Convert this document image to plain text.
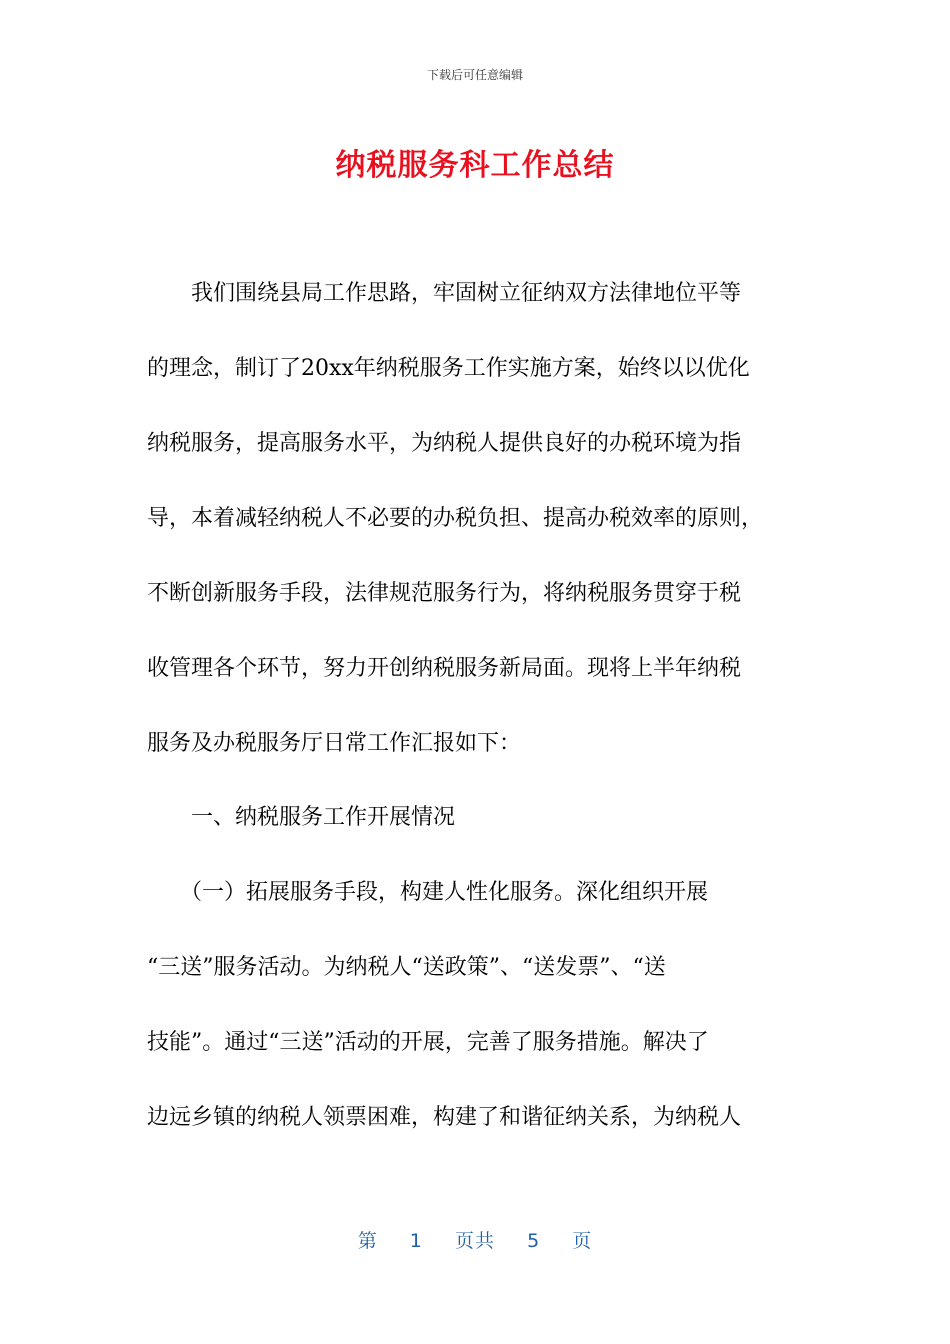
下载后可任意编辑
纳税服务科工作总结
　　我们围绕县局工作思路，牢固树立征纳双方法律地位平等
的理念，制订了20xx年纳税服务工作实施方案，始终以以优化
纳税服务，提高服务水平，为纳税人提供良好的办税环境为指
导，本着减轻纳税人不必要的办税负担、提高办税效率的原则，
不断创新服务手段，法律规范服务行为，将纳税服务贯穿于税
收管理各个环节，努力开创纳税服务新局面。现将上半年纳税
服务及办税服务厅日常工作汇报如下：
　　一、纳税服务工作开展情况
　　（一）拓展服务手段，构建人性化服务。深化组织开展
“三送”服务活动。为纳税人“送政策”、“送发票”、“送
技能”。通过“三送”活动的开展，完善了服务措施。解决了
边远乡镇的纳税人领票困难，构建了和谐征纳关系，为纳税人
第 1 页共 5 页
